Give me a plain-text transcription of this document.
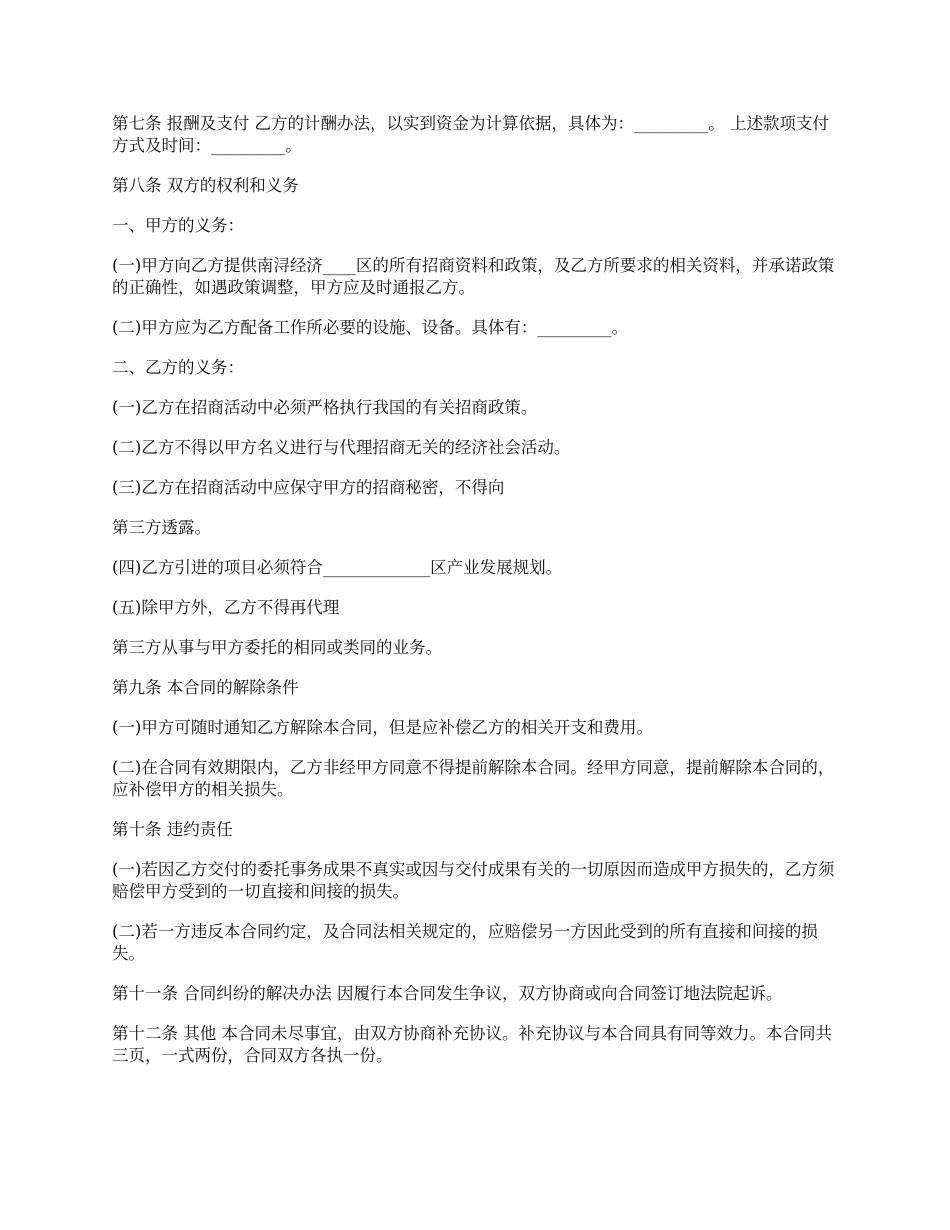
第七条 报酬及支付 乙方的计酬办法，以实到资金为计算依据，具体为：_________。 上述款项支付方式及时间：_________。

第八条 双方的权利和义务

一、甲方的义务：

(一)甲方向乙方提供南浔经济____区的所有招商资料和政策，及乙方所要求的相关资料，并承诺政策的正确性，如遇政策调整，甲方应及时通报乙方。

(二)甲方应为乙方配备工作所必要的设施、设备。具体有：_________。

二、乙方的义务：

(一)乙方在招商活动中必须严格执行我国的有关招商政策。

(二)乙方不得以甲方名义进行与代理招商无关的经济社会活动。

(三)乙方在招商活动中应保守甲方的招商秘密，不得向

第三方透露。

(四)乙方引进的项目必须符合_____________区产业发展规划。

(五)除甲方外，乙方不得再代理

第三方从事与甲方委托的相同或类同的业务。

第九条 本合同的解除条件

(一)甲方可随时通知乙方解除本合同，但是应补偿乙方的相关开支和费用。

(二)在合同有效期限内，乙方非经甲方同意不得提前解除本合同。经甲方同意，提前解除本合同的，应补偿甲方的相关损失。

第十条 违约责任

(一)若因乙方交付的委托事务成果不真实或因与交付成果有关的一切原因而造成甲方损失的，乙方须赔偿甲方受到的一切直接和间接的损失。

(二)若一方违反本合同约定，及合同法相关规定的，应赔偿另一方因此受到的所有直接和间接的损失。

第十一条 合同纠纷的解决办法 因履行本合同发生争议，双方协商或向合同签订地法院起诉。

第十二条 其他 本合同未尽事宜，由双方协商补充协议。补充协议与本合同具有同等效力。本合同共三页，一式两份，合同双方各执一份。
